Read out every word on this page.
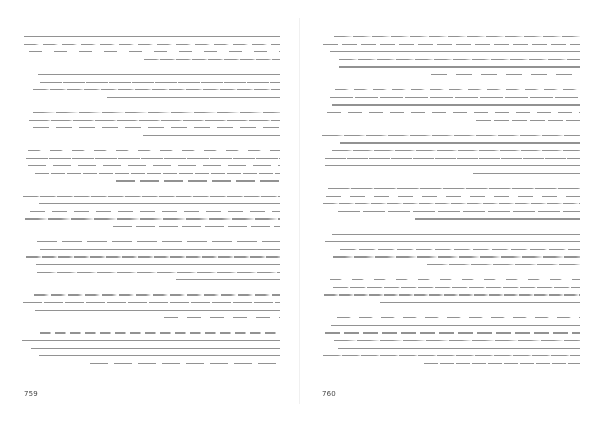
759	760
